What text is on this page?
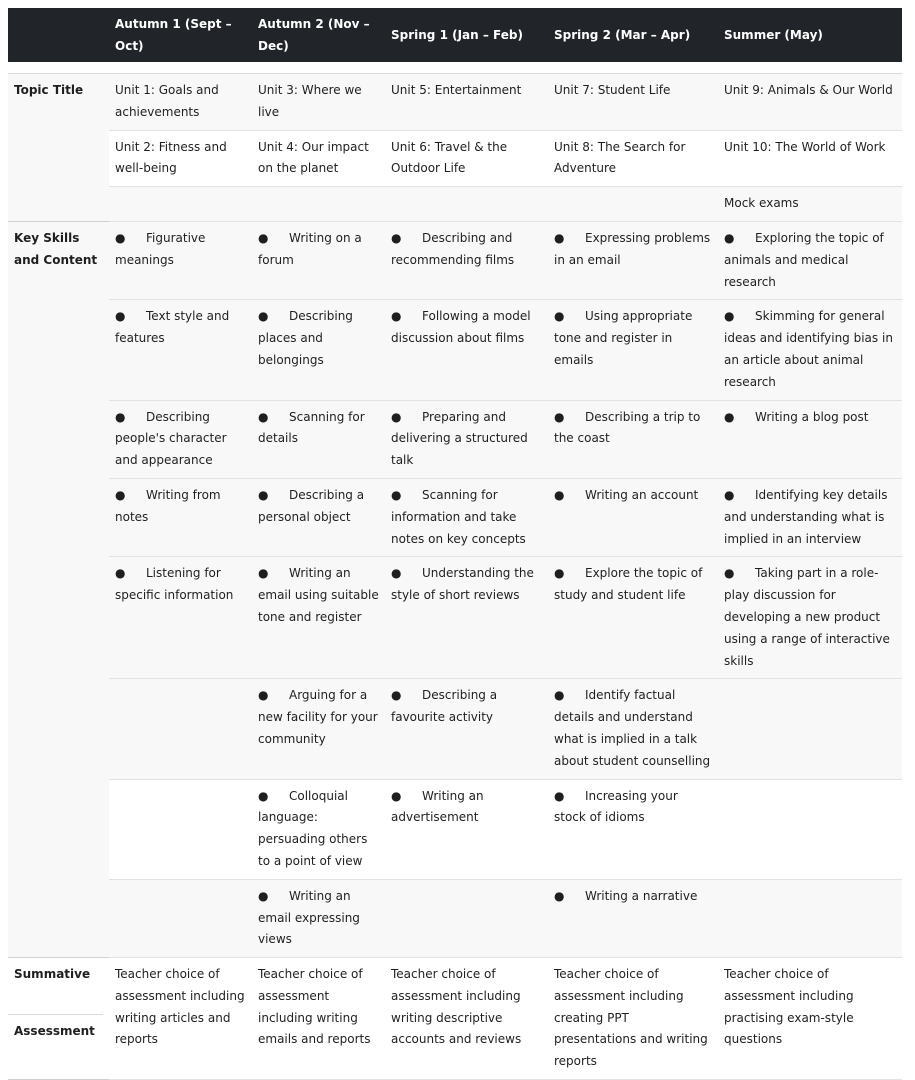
	Autumn 1 (Sept – Oct)	Autumn 2 (Nov – Dec)	Spring 1 (Jan – Feb)	Spring 2 (Mar – Apr)	Summer (May)

Topic Title	Unit 1: Goals and achievements	Unit 3: Where we live	Unit 5: Entertainment	Unit 7: Student Life	Unit 9: Animals & Our World
	Unit 2: Fitness and well-being	Unit 4: Our impact on the planet	Unit 6: Travel & the Outdoor Life	Unit 8: The Search for Adventure	Unit 10: The World of Work
					Mock exams
Key Skills and Content	● Figurative meanings	● Writing on a forum	● Describing and recommending films	● Expressing problems in an email	● Exploring the topic of animals and medical research
	● Text style and features	● Describing places and belongings	● Following a model discussion about films	● Using appropriate tone and register in emails	● Skimming for general ideas and identifying bias in an article about animal research
	● Describing people's character and appearance	● Scanning for details	● Preparing and delivering a structured talk	● Describing a trip to the coast	● Writing a blog post
	● Writing from notes	● Describing a personal object	● Scanning for information and take notes on key concepts	● Writing an account	● Identifying key details and understanding what is implied in an interview
	● Listening for specific information	● Writing an email using suitable tone and register	● Understanding the style of short reviews	● Explore the topic of study and student life	● Taking part in a role-play discussion for developing a new product using a range of interactive skills
		● Arguing for a new facility for your community	● Describing a favourite activity	● Identify factual details and understand what is implied in a talk about student counselling	
		● Colloquial language: persuading others to a point of view	● Writing an advertisement	● Increasing your stock of idioms	
		● Writing an email expressing views		● Writing a narrative	

Summative
Assessment	Teacher choice of assessment including writing articles and reports	Teacher choice of assessment including writing emails and reports	Teacher choice of assessment including writing descriptive accounts and reviews	Teacher choice of assessment including creating PPT presentations and writing reports	Teacher choice of assessment including practising exam-style questions
